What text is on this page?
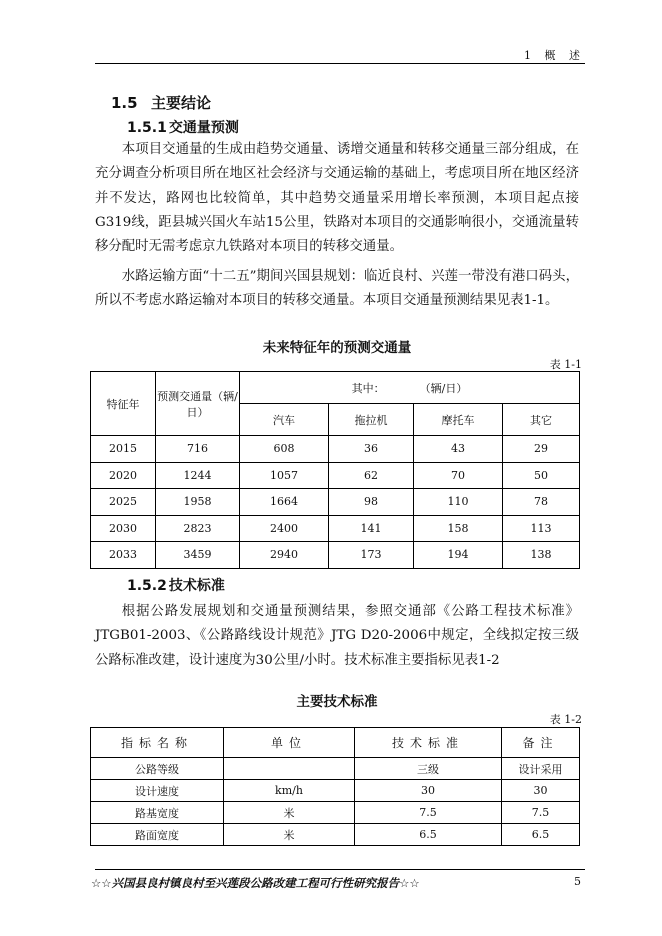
1 概 述
1.5 主要结论
1.5.1 交通量预测

本项目交通量的生成由趋势交通量、诱增交通量和转移交通量三部分组成，在充分调查分析项目所在地区社会经济与交通运输的基础上，考虑项目所在地区经济并不发达，路网也比较简单，其中趋势交通量采用增长率预测，本项目起点接G319线，距县城兴国火车站15公里，铁路对本项目的交通影响很小，交通流量转移分配时无需考虑京九铁路对本项目的转移交通量。

水路运输方面“十二五”期间兴国县规划：临近良村、兴莲一带没有港口码头，所以不考虑水路运输对本项目的转移交通量。本项目交通量预测结果见表1-1。

未来特征年的预测交通量
表 1-1
特征年	预测交通量（辆/日）	其中： （辆/日）			
		汽车	拖拉机	摩托车	其它
2015	716	608	36	43	29
2020	1244	1057	62	70	50
2025	1958	1664	98	110	78
2030	2823	2400	141	158	113
2033	3459	2940	173	194	138
1.5.2 技术标准

根据公路发展规划和交通量预测结果，参照交通部《公路工程技术标准》JTGB01-2003、《公路路线设计规范》JTG D20-2006中规定，全线拟定按三级公路标准改建，设计速度为30公里/小时。技术标准主要指标见表1-2

主要技术标准
表 1-2
指标名称	单位	技术标准	备注
公路等级		三级	设计采用
设计速度	km/h	30	30
路基宽度	米	7.5	7.5
路面宽度	米	6.5	6.5
☆☆兴国县良村镇良村至兴莲段公路改建工程可行性研究报告☆☆	5
